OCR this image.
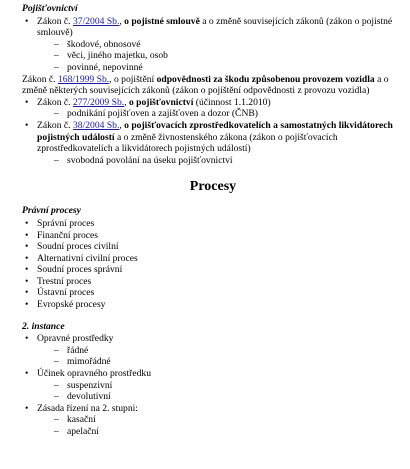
Pojišťovnictví
• Zákon č. 37/2004 Sb., o pojistné smlouvě a o změně souvisejících zákonů (zákon o pojistné smlouvě)
– škodové, obnosové
– věci, jiného majetku, osob
– povinné, nepovinné
Zákon č. 168/1999 Sb., o pojištění odpovědnosti za škodu způsobenou provozem vozidla a o změně některých souvisejících zákonů (zákon o pojištění odpovědnosti z provozu vozidla)
• Zákon č. 277/2009 Sb., o pojišťovnictví (účinnost 1.1.2010)
– podnikání pojišťoven a zajišťoven a dozor (ČNB)
• Zákon č. 38/2004 Sb., o pojišťovacích zprostředkovatelích a samostatných likvidátorech pojistných událostí a o změně živnostenského zákona (zákon o pojišťovacích zprostředkovatelích a likvidátorech pojistných událostí)
– svobodná povolání na úseku pojišťovnictví
Procesy
Právní procesy
• Správní proces
• Finanční proces
• Soudní proces civilní
• Alternativní civilní proces
• Soudní proces správní
• Trestní proces
• Ústavní proces
• Evropské procesy
2. instance
• Opravné prostředky
– řádné
– mimořádné
• Účinek opravného prostředku
– suspenzivní
– devolutivní
• Zásada řízení na 2. stupni:
– kasační
– apelační
